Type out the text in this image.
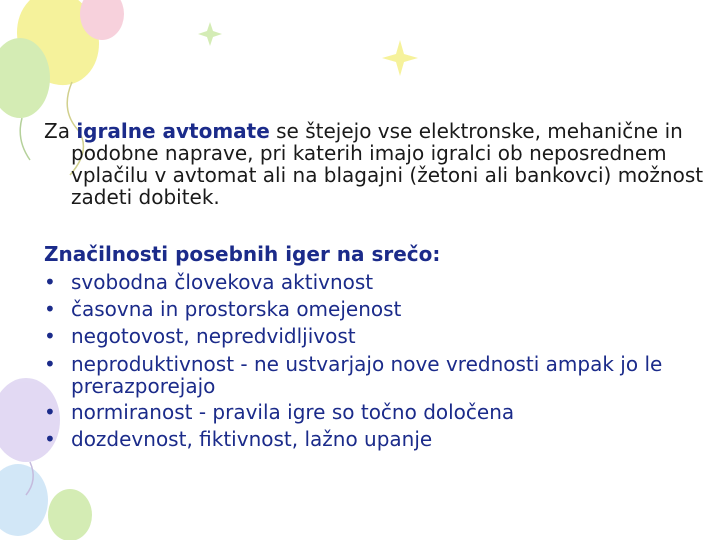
Za igralne avtomate se štejejo vse elektronske, mehanične in podobne naprave, pri katerih imajo igralci ob neposrednem vplačilu v avtomat ali na blagajni (žetoni ali bankovci) možnost zadeti dobitek.

Značilnosti posebnih iger na srečo:
• svobodna človekova aktivnost
• časovna in prostorska omejenost
• negotovost, nepredvidljivost
• neproduktivnost - ne ustvarjajo nove vrednosti ampak jo le prerazporejajo
• normiranost - pravila igre so točno določena
• dozdevnost, fiktivnost, lažno upanje
